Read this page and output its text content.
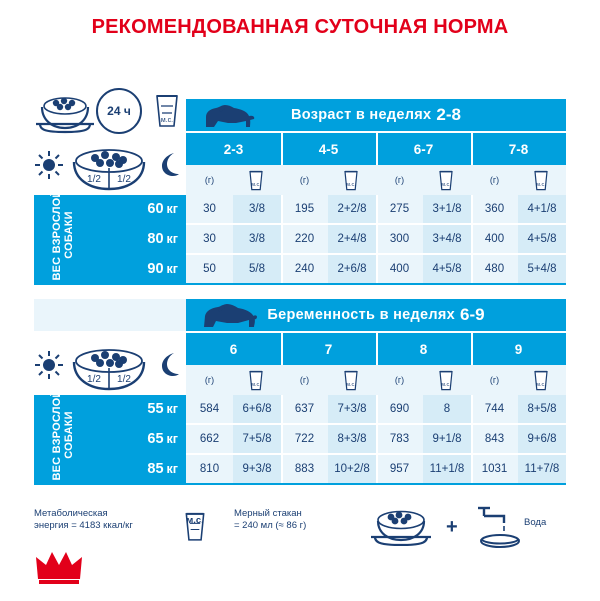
РЕКОМЕНДОВАННАЯ СУТОЧНАЯ НОРМА
24 ч
м.с.	Возраст в неделях 2-8
2-3	4-5	6-7	7-8
1/2 1/2	(г)	(г)	(г)	(г)
м.с.	м.с.	м.с.	м.с.
ВЕС ВЗРОСЛОЙ СОБАКИ
60 кг	30	3/8	195	2+2/8	275	3+1/8	360	4+1/8
80 кг	30	3/8	220	2+4/8	300	3+4/8	400	4+5/8
90 кг	50	5/8	240	2+6/8	400	4+5/8	480	5+4/8
Беременность в неделях 6-9
6	7	8	9
1/2 1/2	(г)	(г)	(г)	(г)
м.с.	м.с.	м.с.	м.с.
ВЕС ВЗРОСЛОЙ СОБАКИ
55 кг	584	6+6/8	637	7+3/8	690	8	744	8+5/8
65 кг	662	7+5/8	722	8+3/8	783	9+1/8	843	9+6/8
85 кг	810	9+3/8	883	10+2/8	957	11+1/8	1031	11+7/8
Метаболическая
энергия = 4183 ккал/кг	м.с.
Мерный стакан
= 240 мл (≈ 86 г)	+	Вода
